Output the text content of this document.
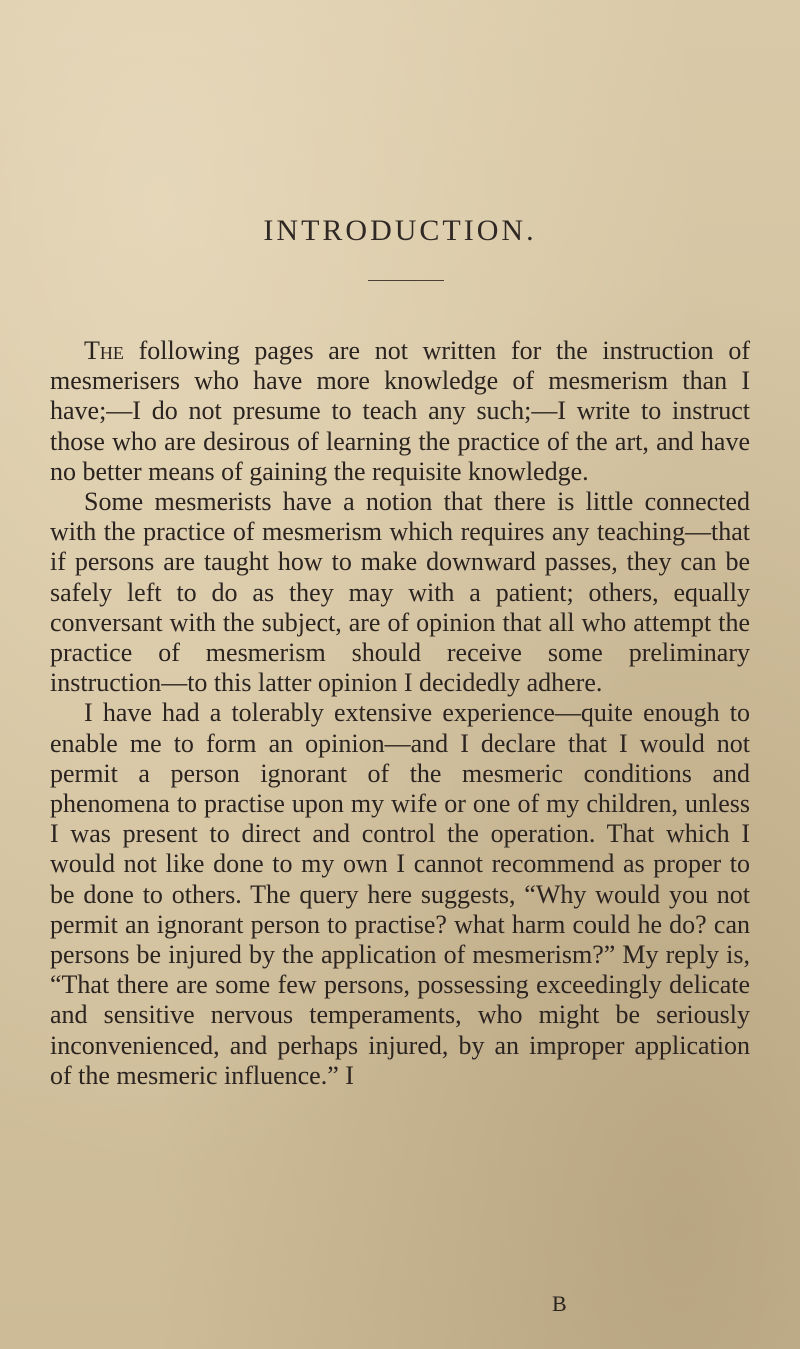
INTRODUCTION.

The following pages are not written for the instruction of mesmerisers who have more knowledge of mesmerism than I have;—I do not presume to teach any such;—I write to instruct those who are desirous of learning the practice of the art, and have no better means of gaining the requisite knowledge.

Some mesmerists have a notion that there is little connected with the practice of mesmerism which requires any teaching—that if persons are taught how to make downward passes, they can be safely left to do as they may with a patient; others, equally conversant with the subject, are of opinion that all who attempt the practice of mesmerism should receive some preliminary instruction—to this latter opinion I decidedly adhere.

I have had a tolerably extensive experience—quite enough to enable me to form an opinion—and I declare that I would not permit a person ignorant of the mesmeric conditions and phenomena to practise upon my wife or one of my children, unless I was present to direct and control the operation. That which I would not like done to my own I cannot recommend as proper to be done to others. The query here suggests, “Why would you not permit an ignorant person to practise? what harm could he do? can persons be injured by the application of mesmerism?” My reply is, “That there are some few persons, possessing exceedingly delicate and sensitive nervous temperaments, who might be seriously inconvenienced, and perhaps injured, by an improper application of the mesmeric influence.” I

B
